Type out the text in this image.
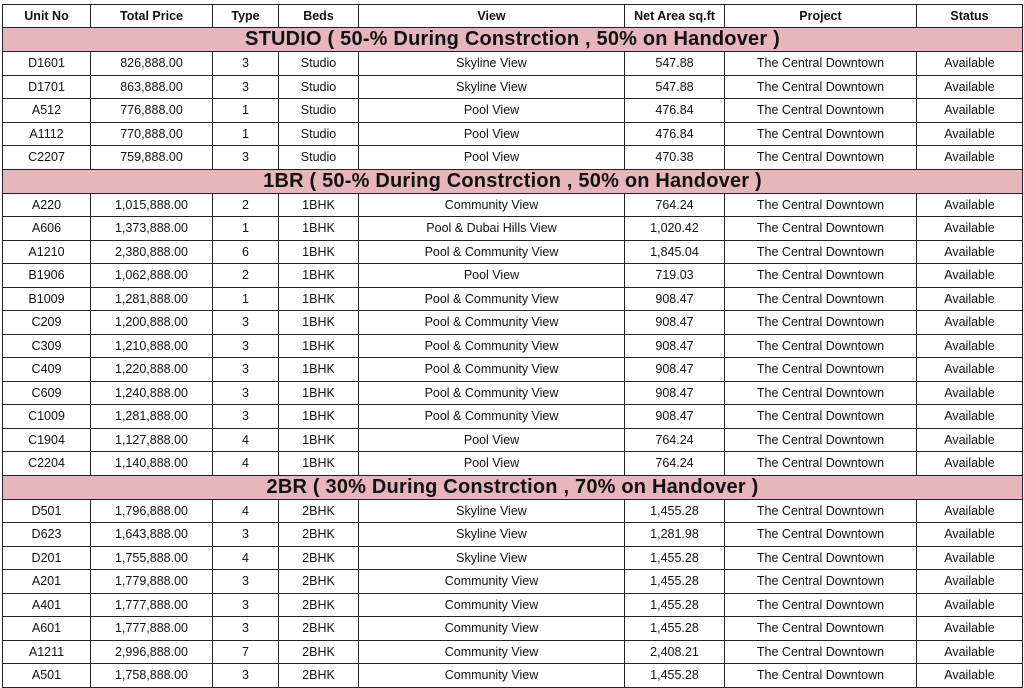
Unit No	Total Price	Type	Beds	View	Net Area sq.ft	Project	Status
STUDIO ( 50-% During Constrction , 50% on Handover )							
D1601	826,888.00	3	Studio	Skyline View	547.88	The Central Downtown	Available
D1701	863,888.00	3	Studio	Skyline View	547.88	The Central Downtown	Available
A512	776,888.00	1	Studio	Pool View	476.84	The Central Downtown	Available
A1112	770,888.00	1	Studio	Pool View	476.84	The Central Downtown	Available
C2207	759,888.00	3	Studio	Pool View	470.38	The Central Downtown	Available
1BR ( 50-% During Constrction , 50% on Handover )							
A220	1,015,888.00	2	1BHK	Community View	764.24	The Central Downtown	Available
A606	1,373,888.00	1	1BHK	Pool & Dubai Hills View	1,020.42	The Central Downtown	Available
A1210	2,380,888.00	6	1BHK	Pool & Community View	1,845.04	The Central Downtown	Available
B1906	1,062,888.00	2	1BHK	Pool View	719.03	The Central Downtown	Available
B1009	1,281,888.00	1	1BHK	Pool & Community View	908.47	The Central Downtown	Available
C209	1,200,888.00	3	1BHK	Pool & Community View	908.47	The Central Downtown	Available
C309	1,210,888.00	3	1BHK	Pool & Community View	908.47	The Central Downtown	Available
C409	1,220,888.00	3	1BHK	Pool & Community View	908.47	The Central Downtown	Available
C609	1,240,888.00	3	1BHK	Pool & Community View	908.47	The Central Downtown	Available
C1009	1,281,888.00	3	1BHK	Pool & Community View	908.47	The Central Downtown	Available
C1904	1,127,888.00	4	1BHK	Pool View	764.24	The Central Downtown	Available
C2204	1,140,888.00	4	1BHK	Pool View	764.24	The Central Downtown	Available
2BR ( 30% During Constrction , 70% on Handover )							
D501	1,796,888.00	4	2BHK	Skyline View	1,455.28	The Central Downtown	Available
D623	1,643,888.00	3	2BHK	Skyline View	1,281.98	The Central Downtown	Available
D201	1,755,888.00	4	2BHK	Skyline View	1,455.28	The Central Downtown	Available
A201	1,779,888.00	3	2BHK	Community View	1,455.28	The Central Downtown	Available
A401	1,777,888.00	3	2BHK	Community View	1,455.28	The Central Downtown	Available
A601	1,777,888.00	3	2BHK	Community View	1,455.28	The Central Downtown	Available
A1211	2,996,888.00	7	2BHK	Community View	2,408.21	The Central Downtown	Available
A501	1,758,888.00	3	2BHK	Community View	1,455.28	The Central Downtown	Available
